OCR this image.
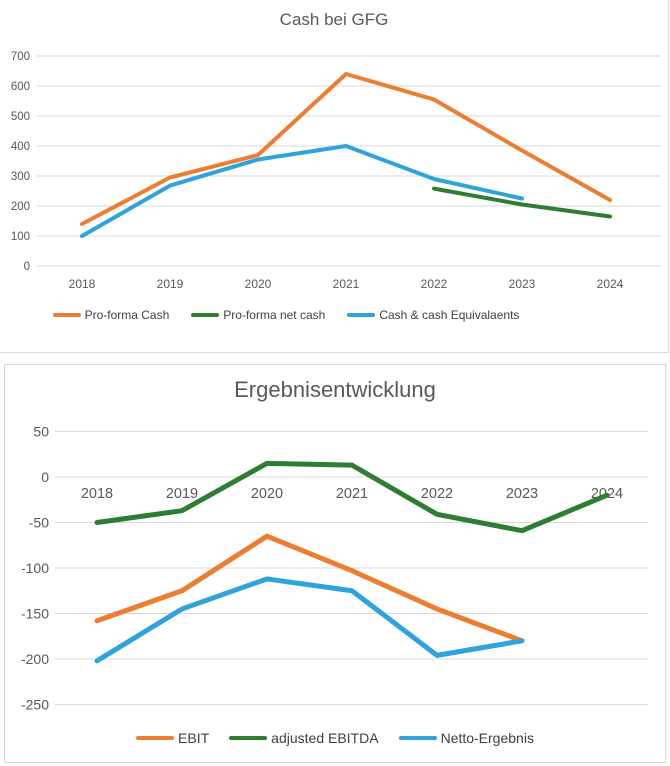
Cash bei GFG
0
100
200
300
400
500
600
700
2018	2019	2020	2021	2022	2023	2024
Pro-forma Cash	Pro-forma net cash	Cash & cash Equivalaents
Ergebnisentwicklung
-250
-200
-150
-100
-50
0
50
2018	2019	2020	2021	2022	2023	2024
EBIT	adjusted EBITDA	Netto-Ergebnis
